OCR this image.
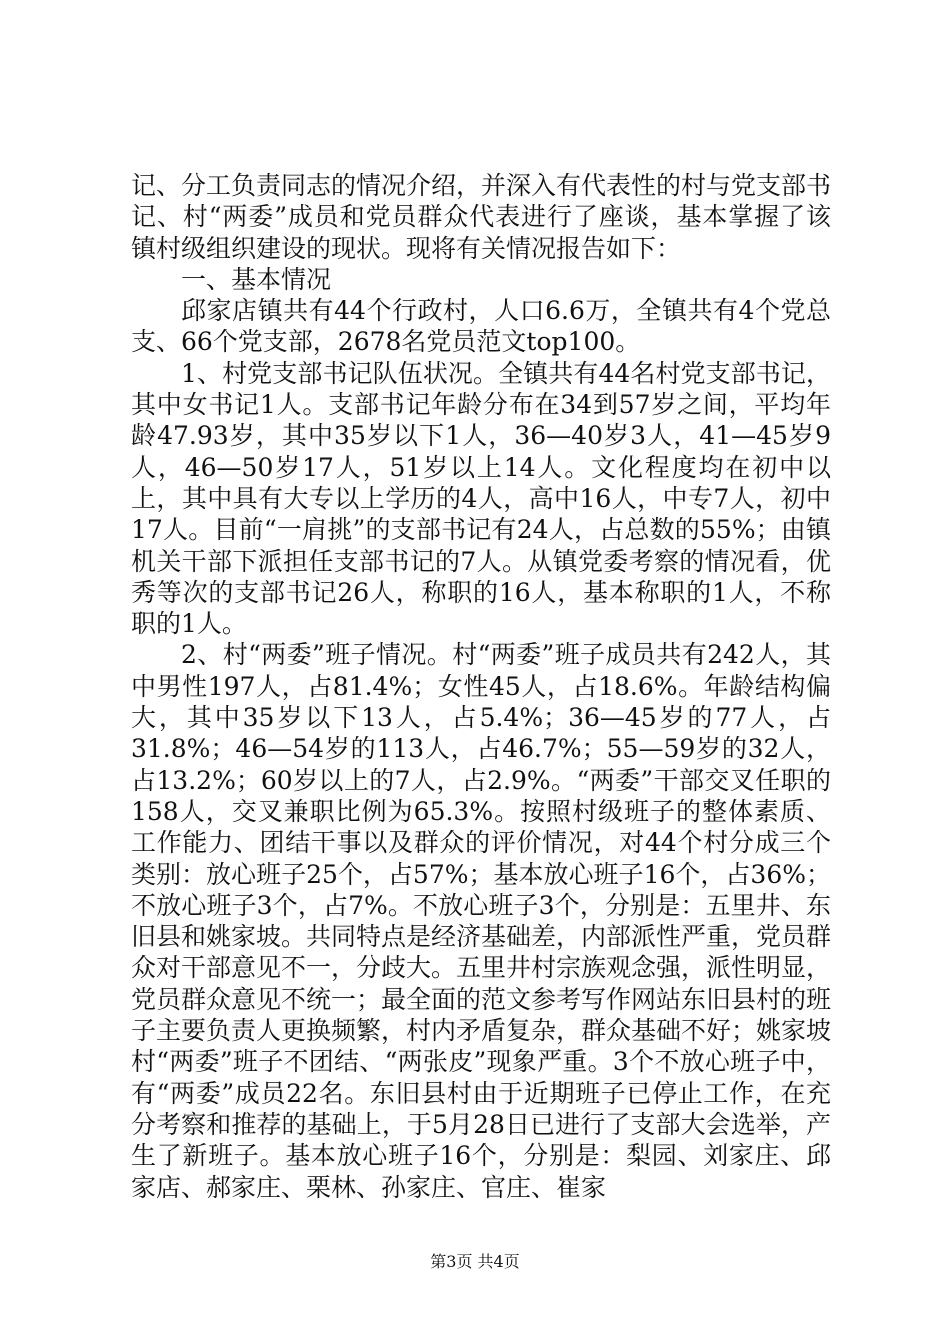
记、分工负责同志的情况介绍，并深入有代表性的村与党支部书记、村“两委”成员和党员群众代表进行了座谈，基本掌握了该镇村级组织建设的现状。现将有关情况报告如下：

一、基本情况

邱家店镇共有44个行政村，人口6.6万，全镇共有4个党总支、66个党支部，2678名党员范文top100。

1、村党支部书记队伍状况。全镇共有44名村党支部书记，其中女书记1人。支部书记年龄分布在34到57岁之间，平均年龄47.93岁，其中35岁以下1人，36—40岁3人，41—45岁9人，46—50岁17人，51岁以上14人。文化程度均在初中以上，其中具有大专以上学历的4人，高中16人，中专7人，初中17人。目前“一肩挑”的支部书记有24人，占总数的55%；由镇机关干部下派担任支部书记的7人。从镇党委考察的情况看，优秀等次的支部书记26人，称职的16人，基本称职的1人，不称职的1人。

2、村“两委”班子情况。村“两委”班子成员共有242人，其中男性197人，占81.4%；女性45人，占18.6%。年龄结构偏大，其中35岁以下13人，占5.4%；36—45岁的77人，占31.8%；46—54岁的113人，占46.7%；55—59岁的32人，占13.2%；60岁以上的7人，占2.9%。“两委”干部交叉任职的158人，交叉兼职比例为65.3%。按照村级班子的整体素质、工作能力、团结干事以及群众的评价情况，对44个村分成三个类别：放心班子25个，占57%；基本放心班子16个，占36%；不放心班子3个，占7%。不放心班子3个，分别是：五里井、东旧县和姚家坡。共同特点是经济基础差，内部派性严重，党员群众对干部意见不一，分歧大。五里井村宗族观念强，派性明显，党员群众意见不统一；最全面的范文参考写作网站东旧县村的班子主要负责人更换频繁，村内矛盾复杂，群众基础不好；姚家坡村“两委”班子不团结、“两张皮”现象严重。3个不放心班子中，有“两委”成员22名。东旧县村由于近期班子已停止工作，在充分考察和推荐的基础上，于5月28日已进行了支部大会选举，产生了新班子。基本放心班子16个，分别是：梨园、刘家庄、邱家店、郝家庄、栗林、孙家庄、官庄、崔家

第3页 共4页
